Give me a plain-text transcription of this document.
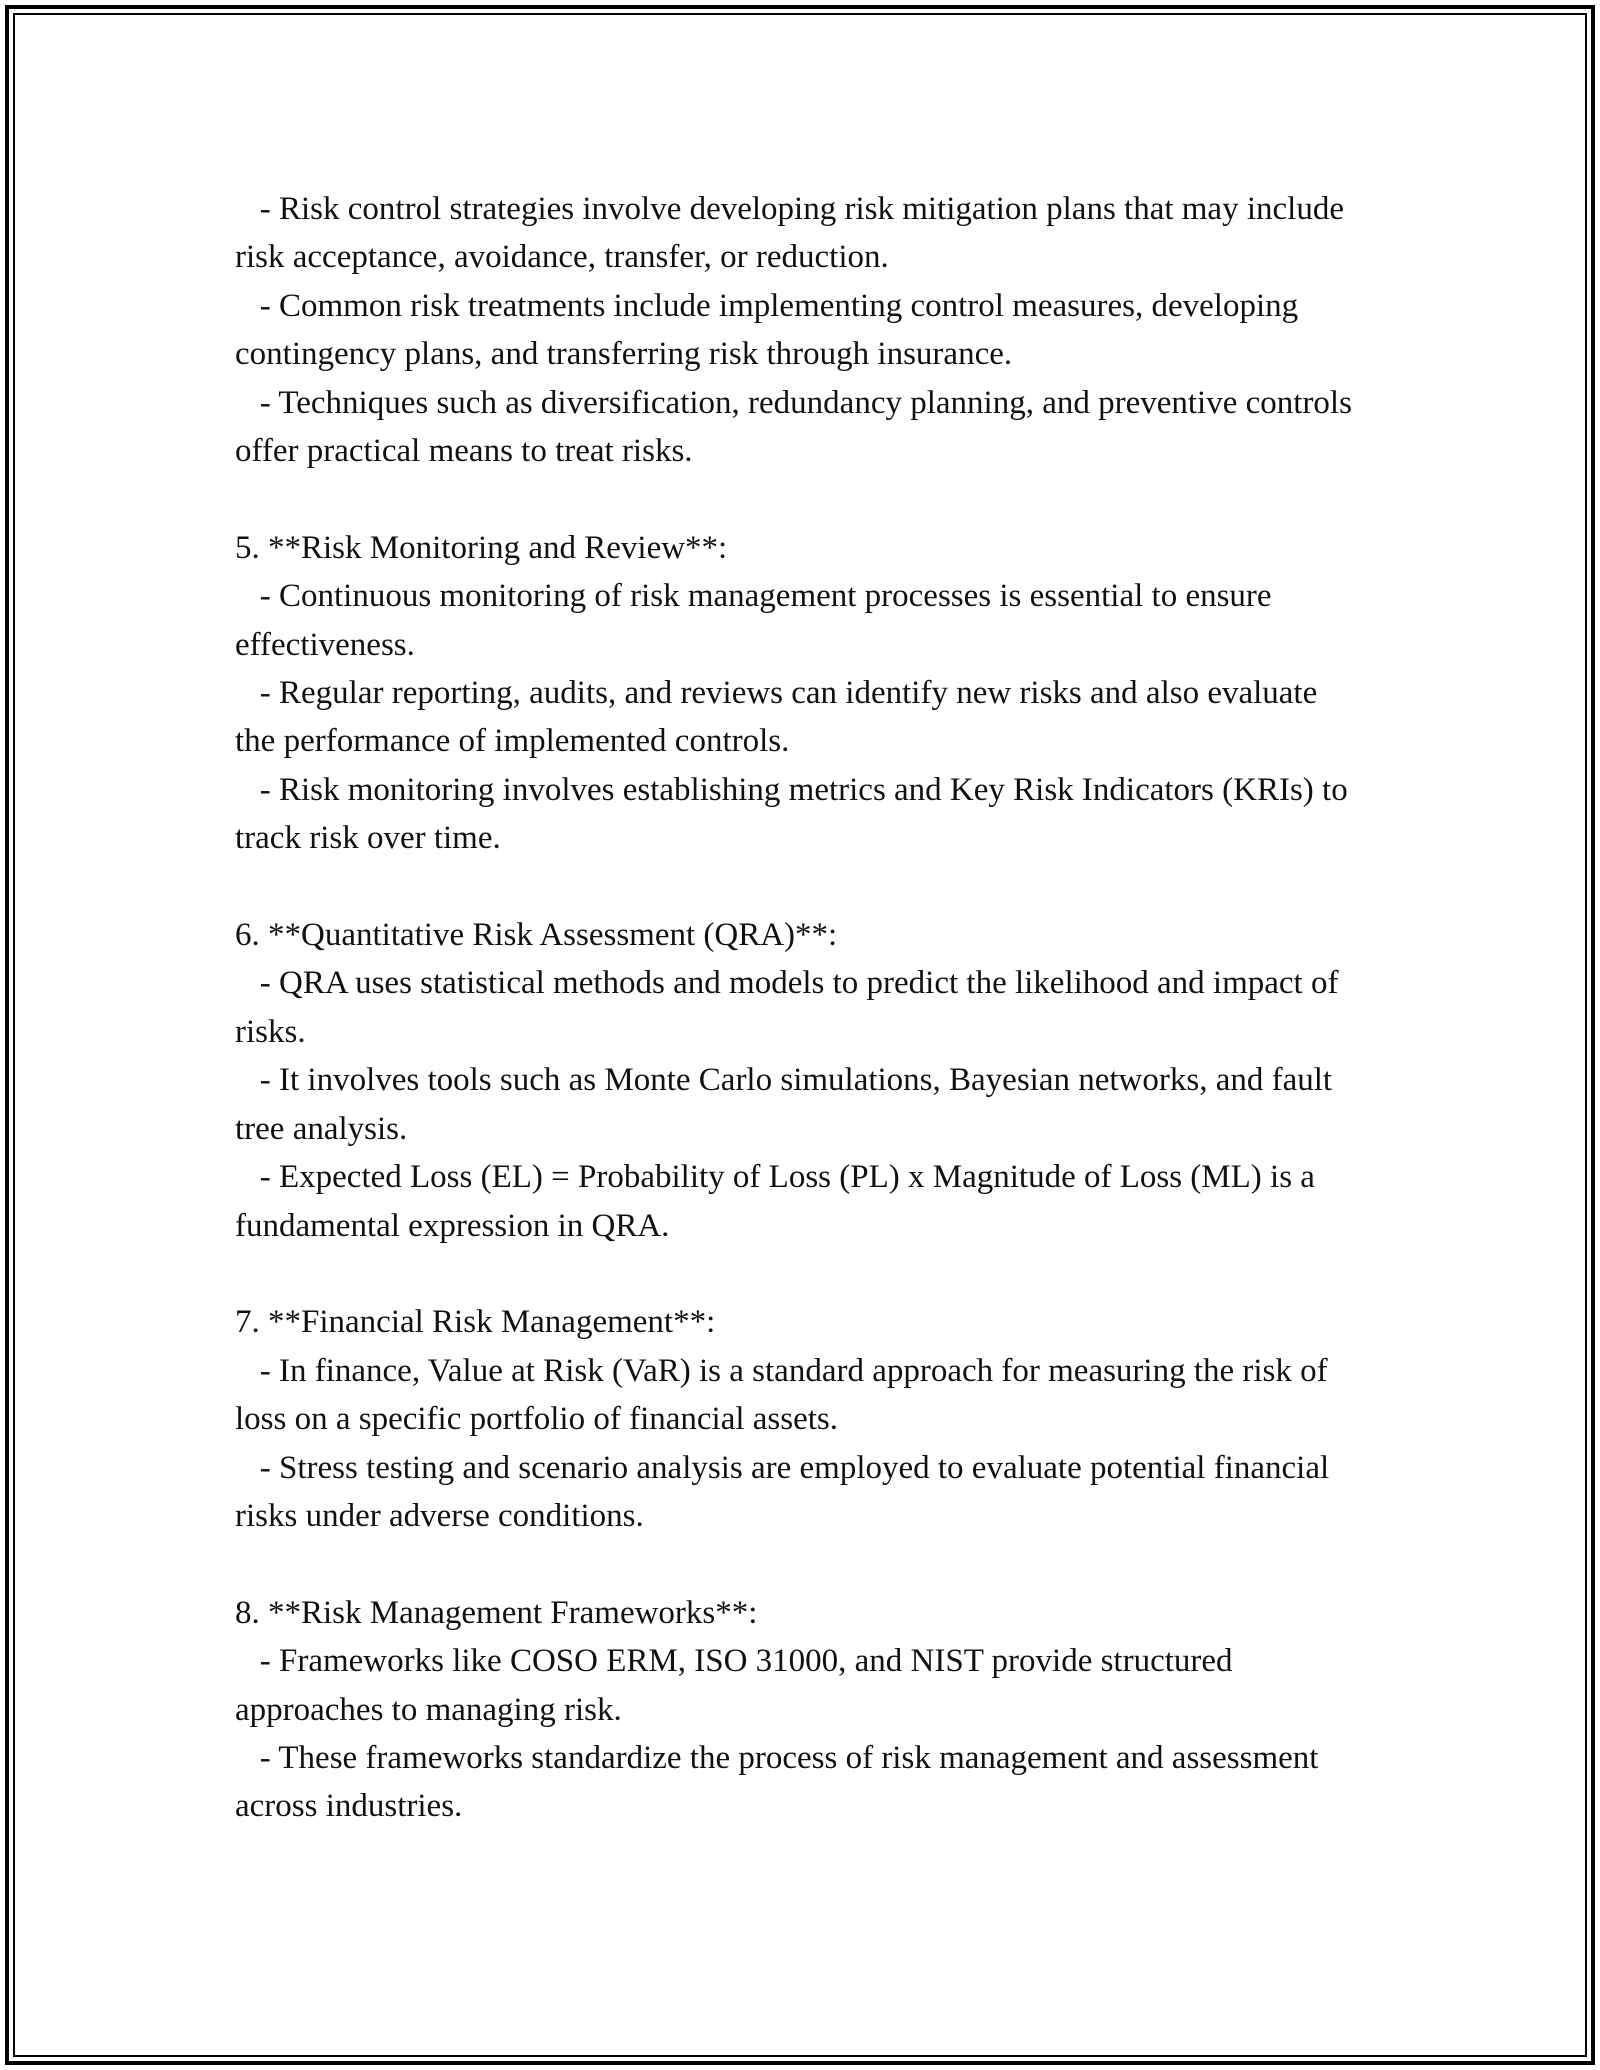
- Risk control strategies involve developing risk mitigation plans that may include risk acceptance, avoidance, transfer, or reduction.

- Common risk treatments include implementing control measures, developing contingency plans, and transferring risk through insurance.

- Techniques such as diversification, redundancy planning, and preventive controls offer practical means to treat risks.

5. **Risk Monitoring and Review**:

- Continuous monitoring of risk management processes is essential to ensure effectiveness.

- Regular reporting, audits, and reviews can identify new risks and also evaluate the performance of implemented controls.

- Risk monitoring involves establishing metrics and Key Risk Indicators (KRIs) to track risk over time.

6. **Quantitative Risk Assessment (QRA)**:

- QRA uses statistical methods and models to predict the likelihood and impact of risks.

- It involves tools such as Monte Carlo simulations, Bayesian networks, and fault tree analysis.

- Expected Loss (EL) = Probability of Loss (PL) x Magnitude of Loss (ML) is a fundamental expression in QRA.

7. **Financial Risk Management**:

- In finance, Value at Risk (VaR) is a standard approach for measuring the risk of loss on a specific portfolio of financial assets.

- Stress testing and scenario analysis are employed to evaluate potential financial risks under adverse conditions.

8. **Risk Management Frameworks**:

- Frameworks like COSO ERM, ISO 31000, and NIST provide structured approaches to managing risk.

- These frameworks standardize the process of risk management and assessment across industries.
